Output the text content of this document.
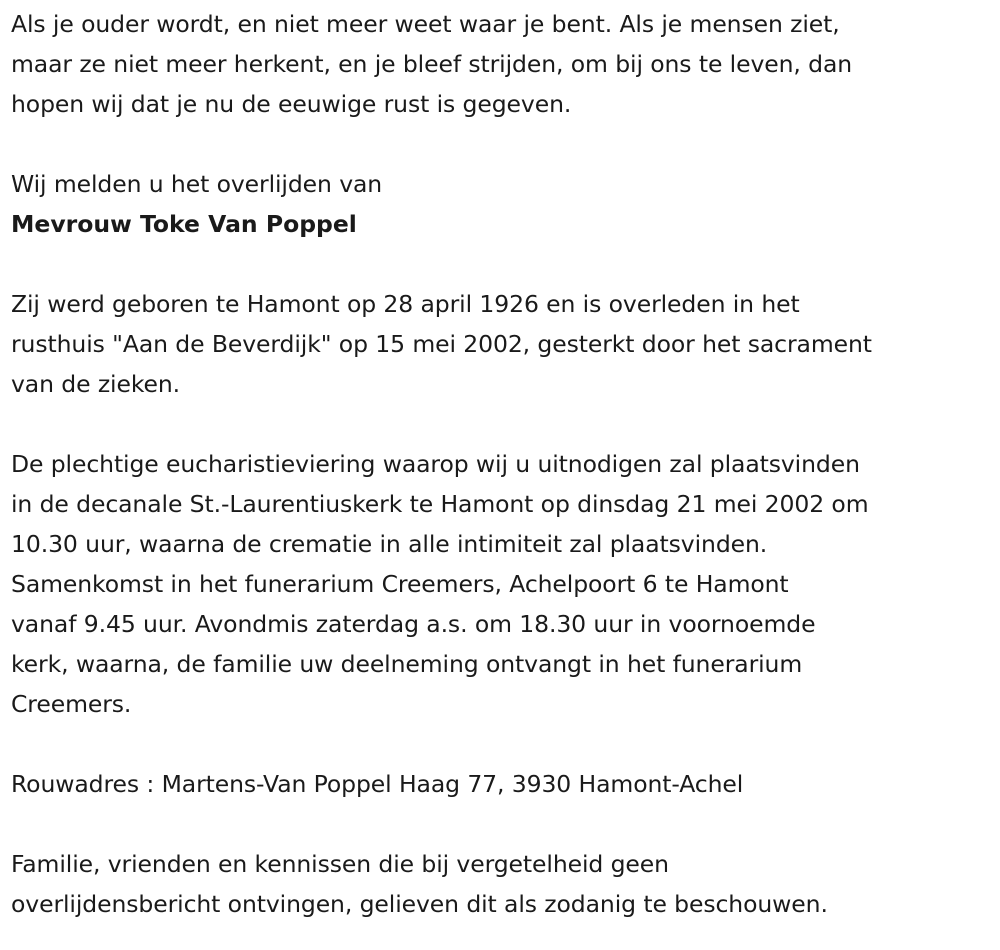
Als je ouder wordt, en niet meer weet waar je bent. Als je mensen ziet,
maar ze niet meer herkent, en je bleef strijden, om bij ons te leven, dan
hopen wij dat je nu de eeuwige rust is gegeven.

Wij melden u het overlijden van

Mevrouw Toke Van Poppel

Zij werd geboren te Hamont op 28 april 1926 en is overleden in het
rusthuis "Aan de Beverdijk" op 15 mei 2002, gesterkt door het sacrament
van de zieken.

De plechtige eucharistieviering waarop wij u uitnodigen zal plaatsvinden
in de decanale St.-Laurentiuskerk te Hamont op dinsdag 21 mei 2002 om
10.30 uur, waarna de crematie in alle intimiteit zal plaatsvinden.
Samenkomst in het funerarium Creemers, Achelpoort 6 te Hamont
vanaf 9.45 uur. Avondmis zaterdag a.s. om 18.30 uur in voornoemde
kerk, waarna, de familie uw deelneming ontvangt in het funerarium
Creemers.

Rouwadres : Martens-Van Poppel Haag 77, 3930 Hamont-Achel

Familie, vrienden en kennissen die bij vergetelheid geen
overlijdensbericht ontvingen, gelieven dit als zodanig te beschouwen.
